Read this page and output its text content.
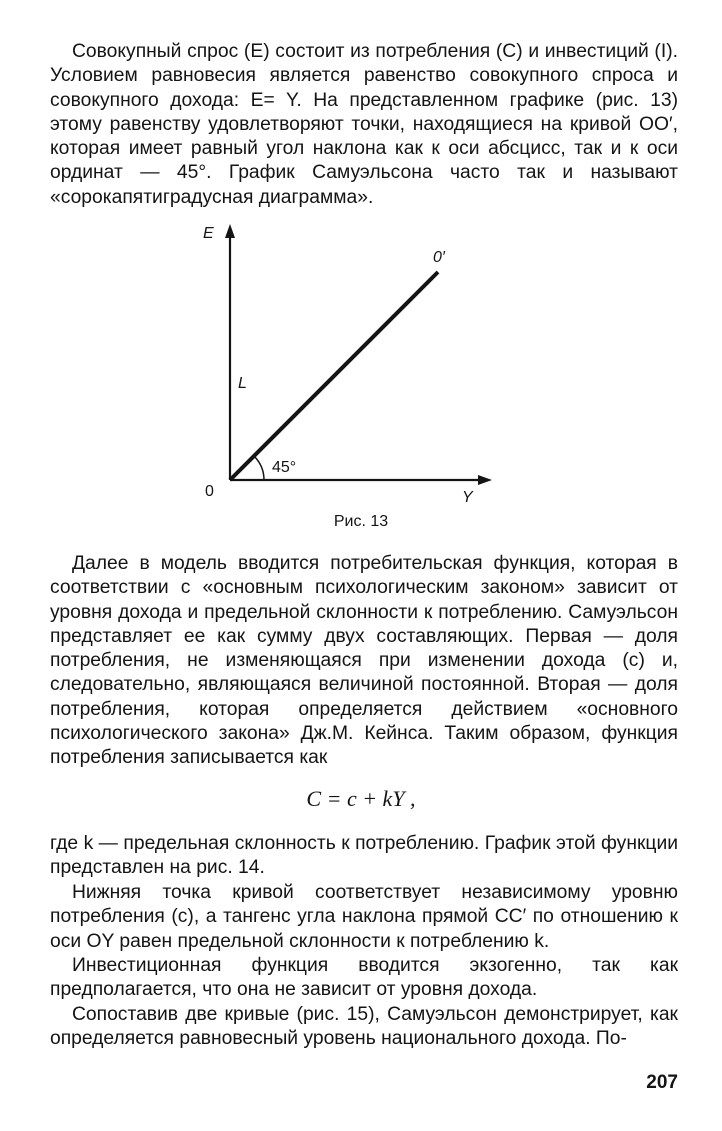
Совокупный спрос (E) состоит из потребления (C) и инвестиций (I). Условием равновесия является равенство совокупного спроса и совокупного дохода: E= Y. На представленном графике (рис. 13) этому равенству удовлетворяют точки, находящиеся на кривой OO′, которая имеет равный угол наклона как к оси абсцисс, так и к оси ординат — 45°. График Самуэльсона часто так и называют «сорокапятиградусная диаграмма».

E
Y
0
0′
L
45°
Рис. 13

Далее в модель вводится потребительская функция, которая в соответствии с «основным психологическим законом» зависит от уровня дохода и предельной склонности к потреблению. Самуэльсон представляет ее как сумму двух составляющих. Первая — доля потребления, не изменяющаяся при изменении дохода (c) и, следовательно, являющаяся величиной постоянной. Вторая — доля потребления, которая определяется действием «основного психологического закона» Дж.М. Кейнса. Таким образом, функция потребления записывается как

C = c + kY ,

где k — предельная склонность к потреблению. График этой функции представлен на рис. 14.

Нижняя точка кривой соответствует независимому уровню потребления (c), а тангенс угла наклона прямой CC′ по отношению к оси OY равен предельной склонности к потреблению k.

Инвестиционная функция вводится экзогенно, так как предполагается, что она не зависит от уровня дохода.

Сопоставив две кривые (рис. 15), Самуэльсон демонстрирует, как определяется равновесный уровень национального дохода. По-

207
